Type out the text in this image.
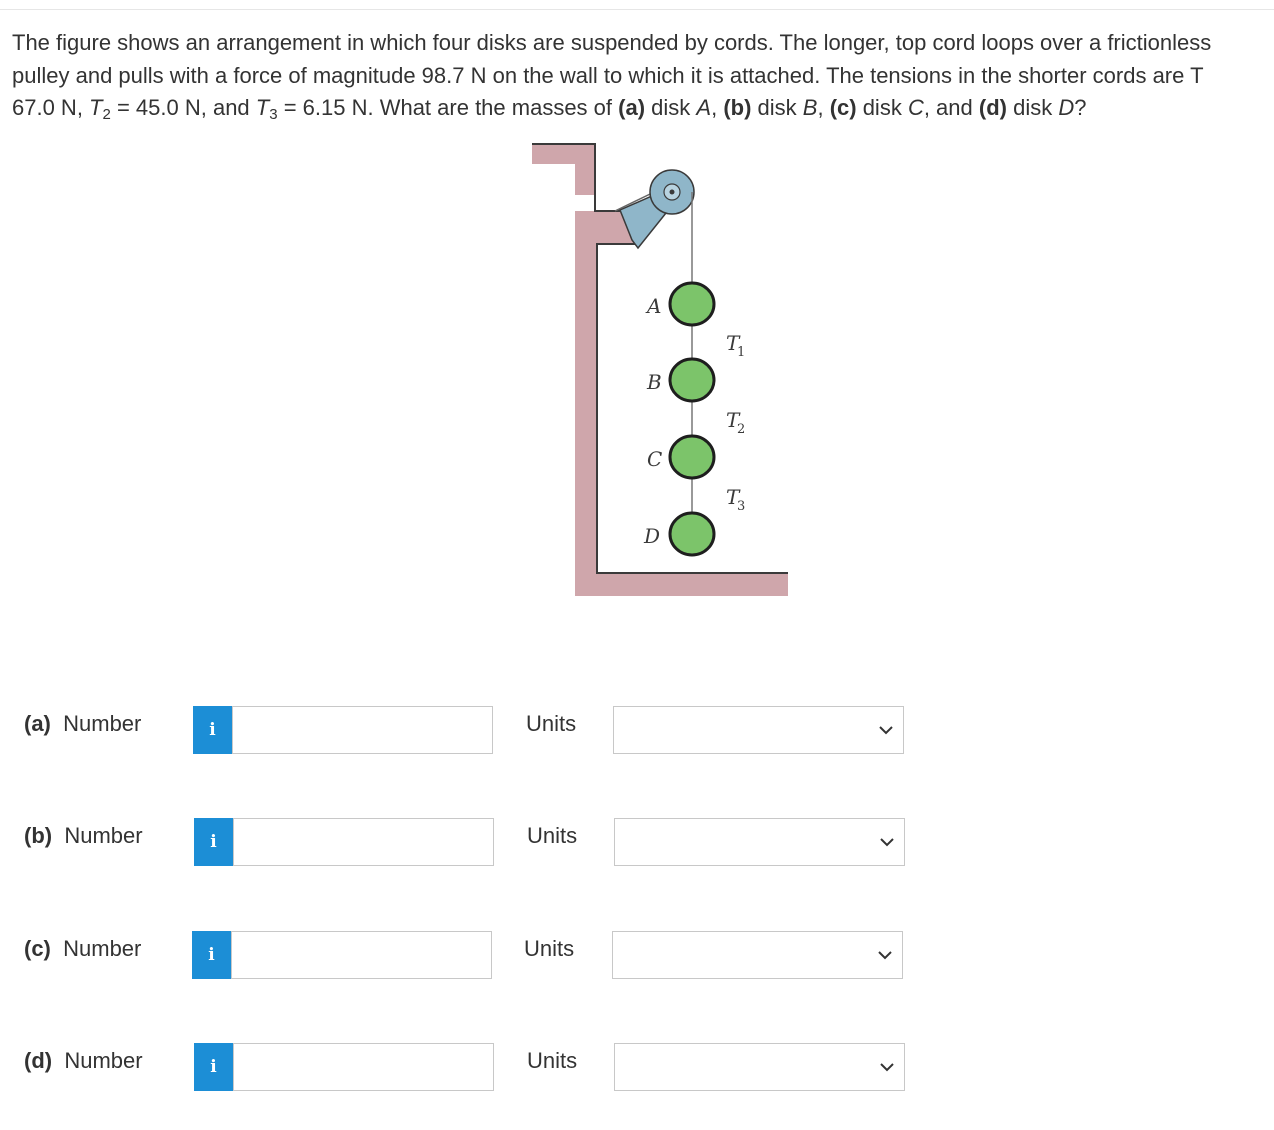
The figure shows an arrangement in which four disks are suspended by cords. The longer, top cord loops over a frictionless
pulley and pulls with a force of magnitude 98.7 N on the wall to which it is attached. The tensions in the shorter cords are T
67.0 N, $T_2 = 45.0$ N, and $T_3 = 6.15$ N. What are the masses of (a) disk A, (b) disk B, (c) disk C, and (d) disk D?
A
B
C
D
T
1
T
2
T
3
(a) Number	i	Units
(b) Number	i	Units
(c) Number	i	Units
(d) Number	i	Units
